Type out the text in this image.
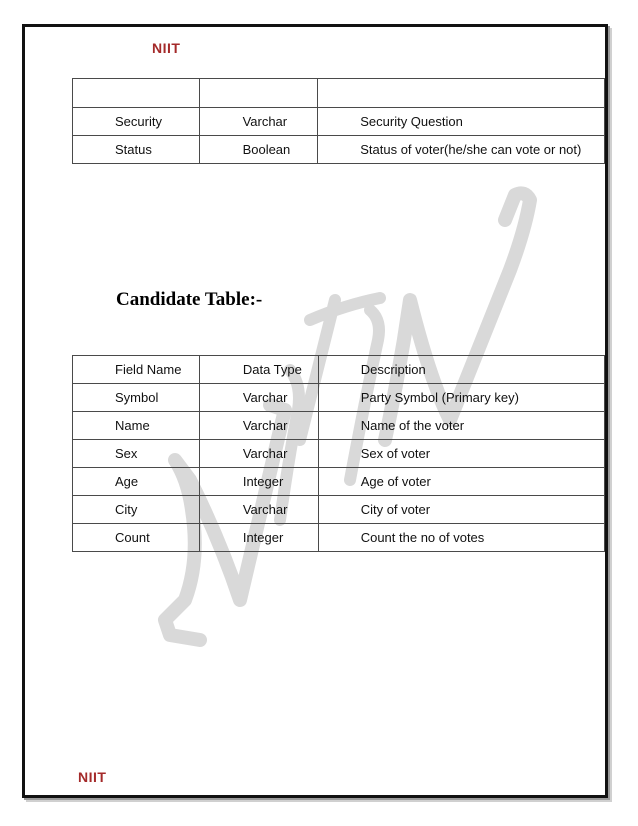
NIIT

Security	Varchar	Security Question
Status	Boolean	Status of voter(he/she can vote or not)
Candidate Table:-
Field Name	Data Type	Description
Symbol	Varchar	Party Symbol (Primary key)
Name	Varchar	Name of the voter
Sex	Varchar	Sex of voter
Age	Integer	Age of voter
City	Varchar	City of voter
Count	Integer	Count the no of votes
NIIT
